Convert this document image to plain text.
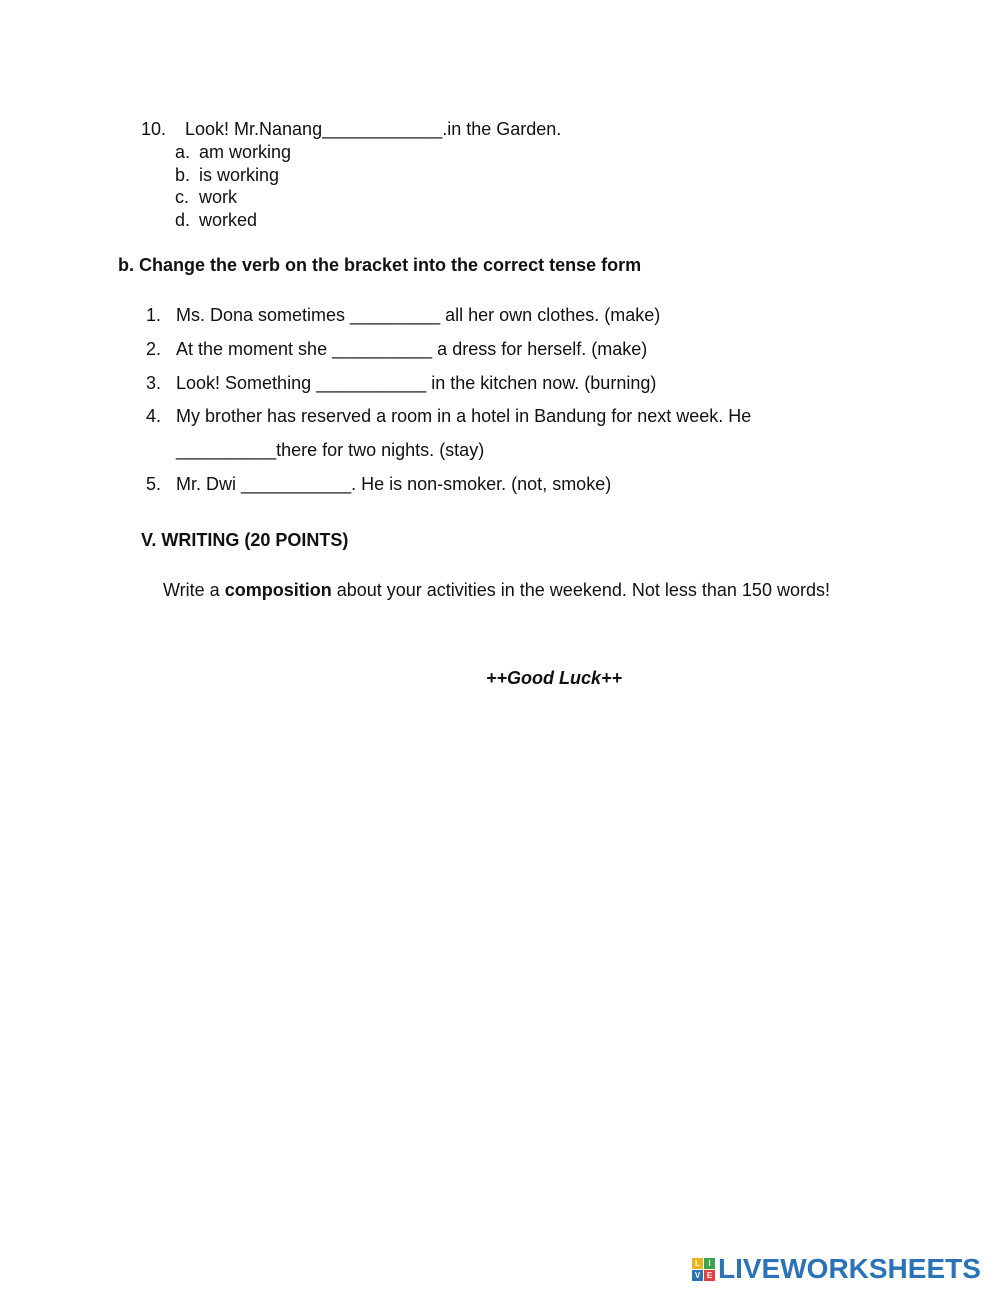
10. Look! Mr.Nanang____________.in the Garden.
a. am working
b. is working
c. work
d. worked
b. Change the verb on the bracket into the correct tense form
1. Ms. Dona sometimes _________ all her own clothes. (make)
2. At the moment she __________ a dress for herself. (make)
3. Look! Something ___________ in the kitchen now. (burning)
4. My brother has reserved a room in a hotel in Bandung for next week. He
__________there for two nights. (stay)
5. Mr. Dwi ___________. He is non-smoker. (not, smoke)
V. WRITING (20 POINTS)
Write a composition about your activities in the weekend. Not less than 150 words!
++Good Luck++
L	I
V E LIVEWORKSHEETS
